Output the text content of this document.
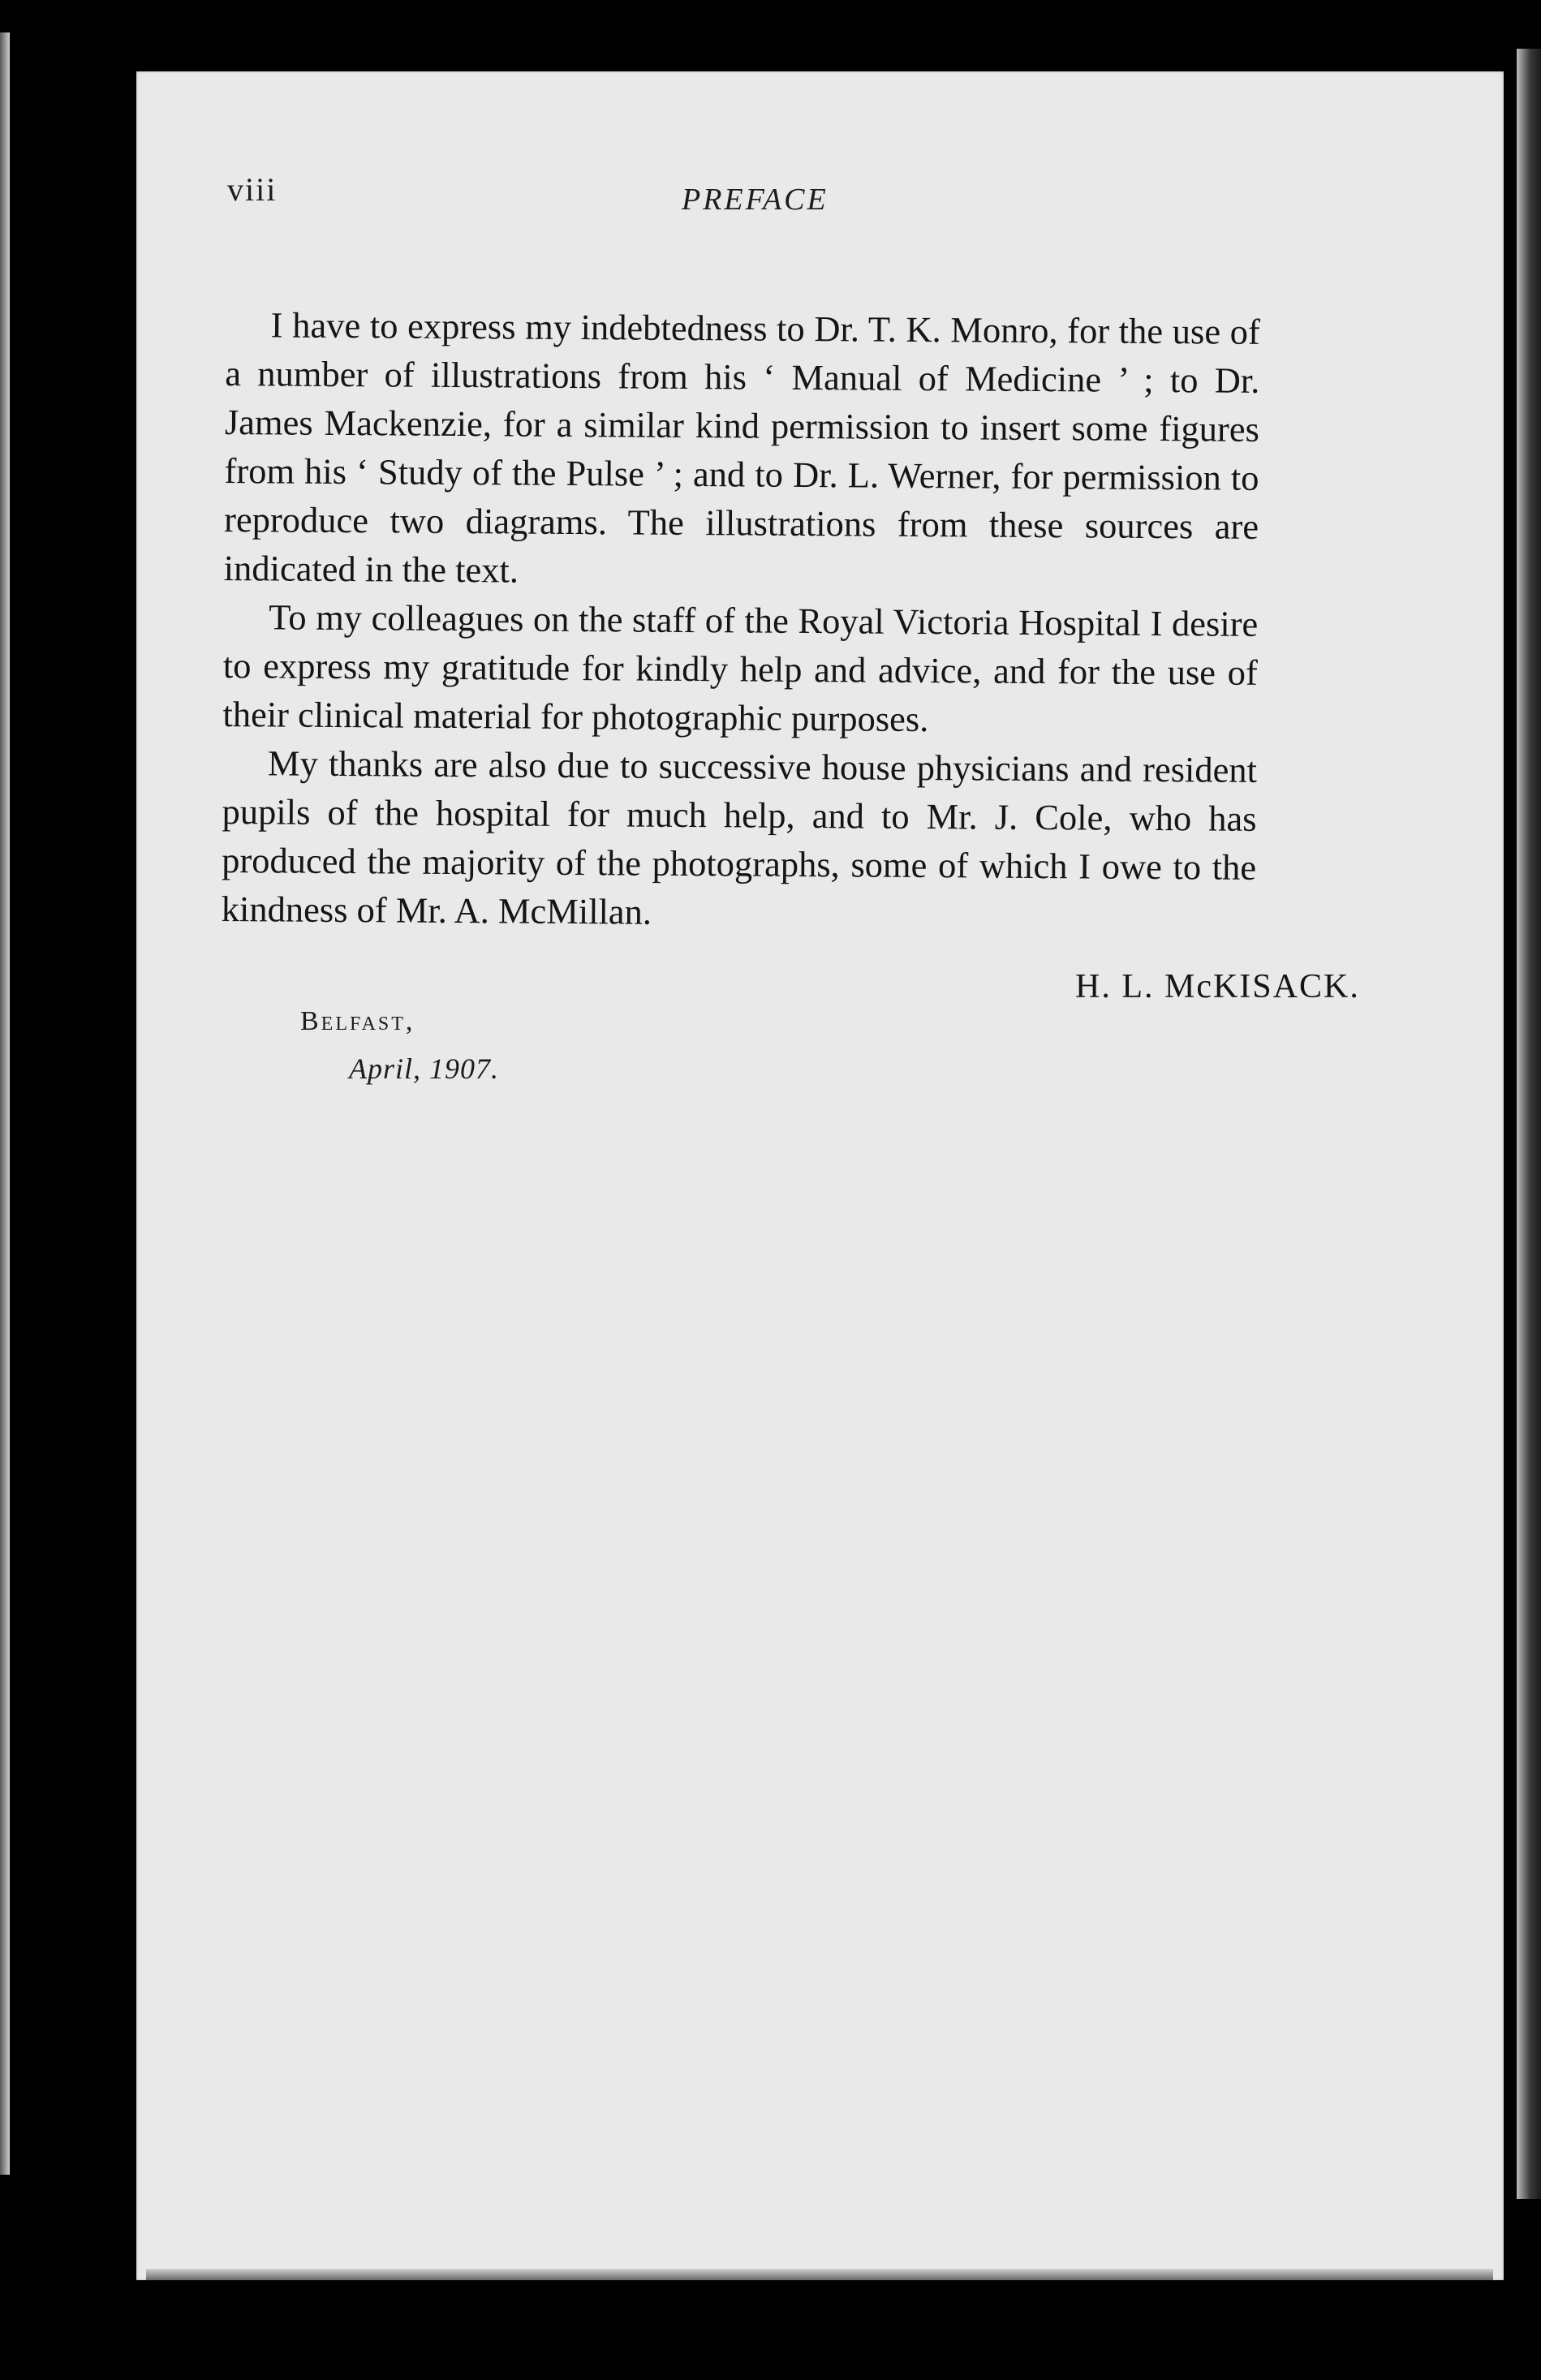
viii	PREFACE

I have to express my indebtedness to Dr. T. K. Monro, for the use of a number of illustrations from his ‘ Manual of Medicine ’ ; to Dr. James Mackenzie, for a similar kind permission to insert some figures from his ‘ Study of the Pulse ’ ; and to Dr. L. Werner, for permission to reproduce two diagrams. The illustrations from these sources are indicated in the text.

To my colleagues on the staff of the Royal Victoria Hospital I desire to express my gratitude for kindly help and advice, and for the use of their clinical material for photographic purposes.

My thanks are also due to successive house physicians and resident pupils of the hospital for much help, and to Mr. J. Cole, who has produced the majority of the photographs, some of which I owe to the kindness of Mr. A. McMillan.

H. L. McKISACK.
Belfast,
April, 1907.
